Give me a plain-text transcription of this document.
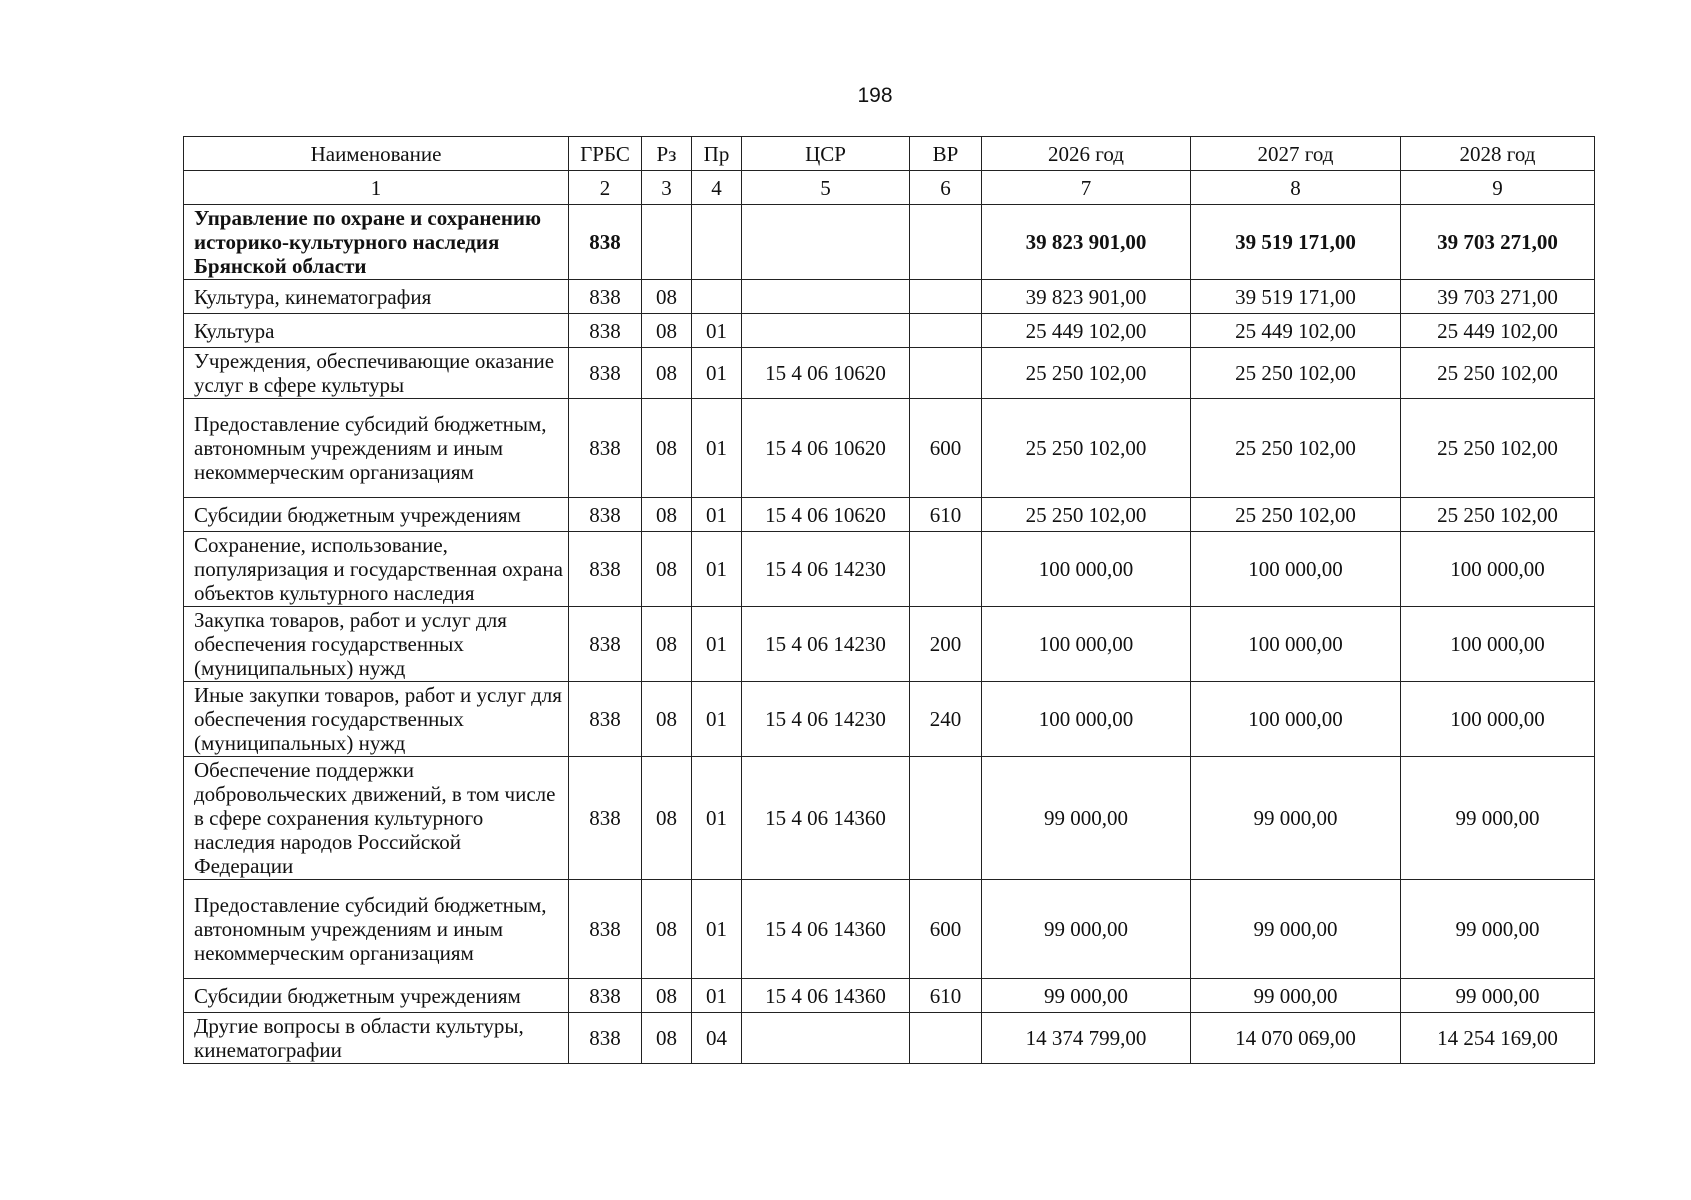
198
Наименование	ГРБС	Рз	Пр	ЦСР	ВР	2026 год	2027 год	2028 год
1	2	3	4	5	6	7	8	9
Управление по охране и сохранению историко-культурного наследия Брянской области	838					39 823 901,00	39 519 171,00	39 703 271,00
Культура, кинематография	838	08				39 823 901,00	39 519 171,00	39 703 271,00
Культура	838	08	01			25 449 102,00	25 449 102,00	25 449 102,00
Учреждения, обеспечивающие оказание услуг в сфере культуры	838	08	01	15 4 06 10620		25 250 102,00	25 250 102,00	25 250 102,00
Предоставление субсидий бюджетным, автономным учреждениям и иным некоммерческим организациям	838	08	01	15 4 06 10620	600	25 250 102,00	25 250 102,00	25 250 102,00
Субсидии бюджетным учреждениям	838	08	01	15 4 06 10620	610	25 250 102,00	25 250 102,00	25 250 102,00
Сохранение, использование, популяризация и государственная охрана объектов культурного наследия	838	08	01	15 4 06 14230		100 000,00	100 000,00	100 000,00
Закупка товаров, работ и услуг для обеспечения государственных (муниципальных) нужд	838	08	01	15 4 06 14230	200	100 000,00	100 000,00	100 000,00
Иные закупки товаров, работ и услуг для обеспечения государственных (муниципальных) нужд	838	08	01	15 4 06 14230	240	100 000,00	100 000,00	100 000,00
Обеспечение поддержки добровольческих движений, в том числе в сфере сохранения культурного наследия народов Российской Федерации	838	08	01	15 4 06 14360		99 000,00	99 000,00	99 000,00
Предоставление субсидий бюджетным, автономным учреждениям и иным некоммерческим организациям	838	08	01	15 4 06 14360	600	99 000,00	99 000,00	99 000,00
Субсидии бюджетным учреждениям	838	08	01	15 4 06 14360	610	99 000,00	99 000,00	99 000,00
Другие вопросы в области культуры, кинематографии	838	08	04			14 374 799,00	14 070 069,00	14 254 169,00
